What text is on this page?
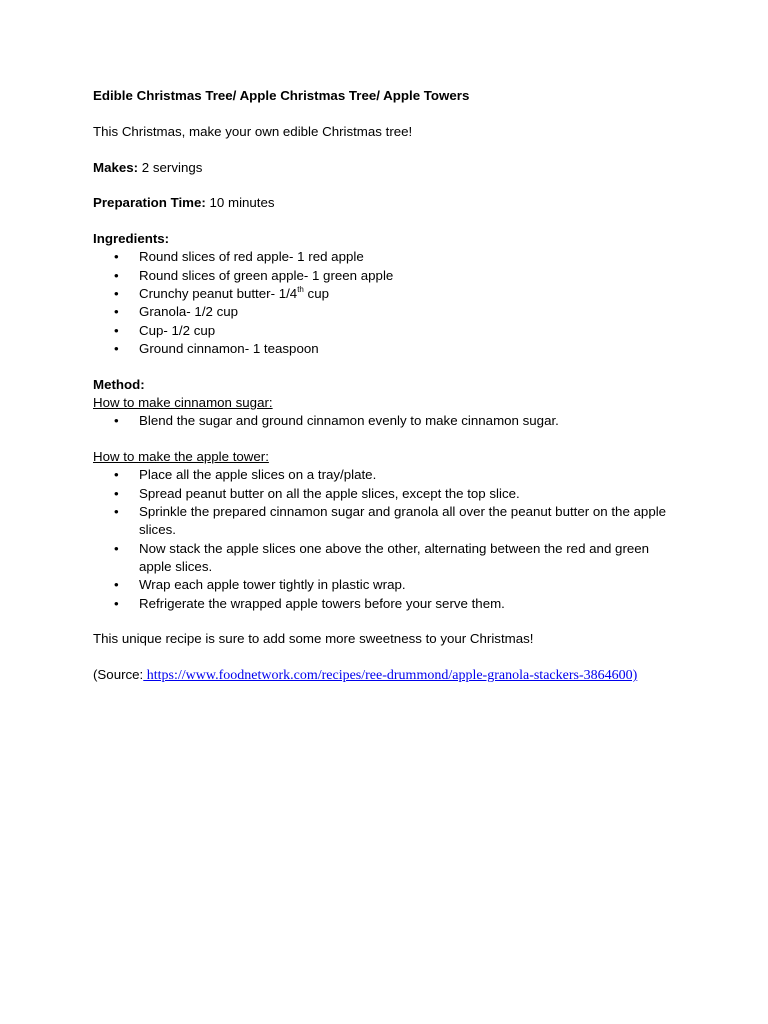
Edible Christmas Tree/ Apple Christmas Tree/ Apple Towers

This Christmas, make your own edible Christmas tree!

Makes: 2 servings

Preparation Time: 10 minutes

Ingredients:

• Round slices of red apple- 1 red apple
• Round slices of green apple- 1 green apple
• Crunchy peanut butter- 1/4th cup
• Granola- 1/2 cup
• Cup- 1/2 cup
• Ground cinnamon- 1 teaspoon

Method:

How to make cinnamon sugar:

• Blend the sugar and ground cinnamon evenly to make cinnamon sugar.

How to make the apple tower:

• Place all the apple slices on a tray/plate.
• Spread peanut butter on all the apple slices, except the top slice.
• Sprinkle the prepared cinnamon sugar and granola all over the peanut butter on the apple slices.
• Now stack the apple slices one above the other, alternating between the red and green apple slices.
• Wrap each apple tower tightly in plastic wrap.
• Refrigerate the wrapped apple towers before your serve them.

This unique recipe is sure to add some more sweetness to your Christmas!

(Source: https://www.foodnetwork.com/recipes/ree-drummond/apple-granola-stackers-3864600)
